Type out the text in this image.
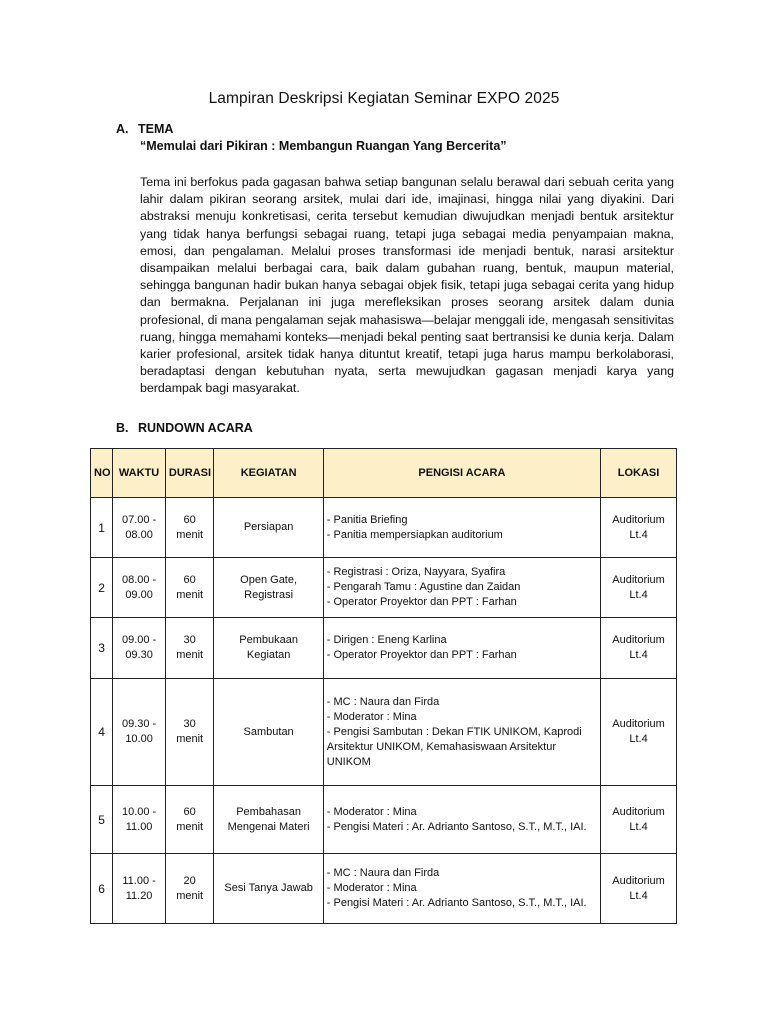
Lampiran Deskripsi Kegiatan Seminar EXPO 2025
A. TEMA
“Memulai dari Pikiran : Membangun Ruangan Yang Bercerita”

Tema ini berfokus pada gagasan bahwa setiap bangunan selalu berawal dari sebuah cerita yang lahir dalam pikiran seorang arsitek, mulai dari ide, imajinasi, hingga nilai yang diyakini. Dari abstraksi menuju konkretisasi, cerita tersebut kemudian diwujudkan menjadi bentuk arsitektur yang tidak hanya berfungsi sebagai ruang, tetapi juga sebagai media penyampaian makna, emosi, dan pengalaman. Melalui proses transformasi ide menjadi bentuk, narasi arsitektur disampaikan melalui berbagai cara, baik dalam gubahan ruang, bentuk, maupun material, sehingga bangunan hadir bukan hanya sebagai objek fisik, tetapi juga sebagai cerita yang hidup dan bermakna. Perjalanan ini juga merefleksikan proses seorang arsitek dalam dunia profesional, di mana pengalaman sejak mahasiswa—belajar menggali ide, mengasah sensitivitas ruang, hingga memahami konteks—menjadi bekal penting saat bertransisi ke dunia kerja. Dalam karier profesional, arsitek tidak hanya dituntut kreatif, tetapi juga harus mampu berkolaborasi, beradaptasi dengan kebutuhan nyata, serta mewujudkan gagasan menjadi karya yang berdampak bagi masyarakat.

B. RUNDOWN ACARA
NO	WAKTU	DURASI	KEGIATAN	PENGISI ACARA	LOKASI
1	07.00 -
08.00	60
menit	Persiapan	- Panitia Briefing
- Panitia mempersiapkan auditorium	Auditorium
Lt.4

2	08.00 -
09.00	60
menit	Open Gate,
Registrasi	- Registrasi : Oriza, Nayyara, Syafira
- Pengarah Tamu : Agustine dan Zaidan
- Operator Proyektor dan PPT : Farhan	Auditorium
Lt.4

3	09.00 -
09.30	30
menit	Pembukaan
Kegiatan	- Dirigen : Eneng Karlina
- Operator Proyektor dan PPT : Farhan	Auditorium
Lt.4

4	09.30 -
10.00	30
menit	Sambutan	- MC : Naura dan Firda
- Moderator : Mina
- Pengisi Sambutan : Dekan FTIK UNIKOM, Kaprodi Arsitektur UNIKOM, Kemahasiswaan Arsitektur UNIKOM	Auditorium
Lt.4

5	10.00 -
11.00	60
menit	Pembahasan
Mengenai Materi	- Moderator : Mina
- Pengisi Materi : Ar. Adrianto Santoso, S.T., M.T., IAI.	Auditorium
Lt.4

6	11.00 -
11.20	20
menit	Sesi Tanya Jawab	- MC : Naura dan Firda
- Moderator : Mina
- Pengisi Materi : Ar. Adrianto Santoso, S.T., M.T., IAI.	Auditorium
Lt.4
